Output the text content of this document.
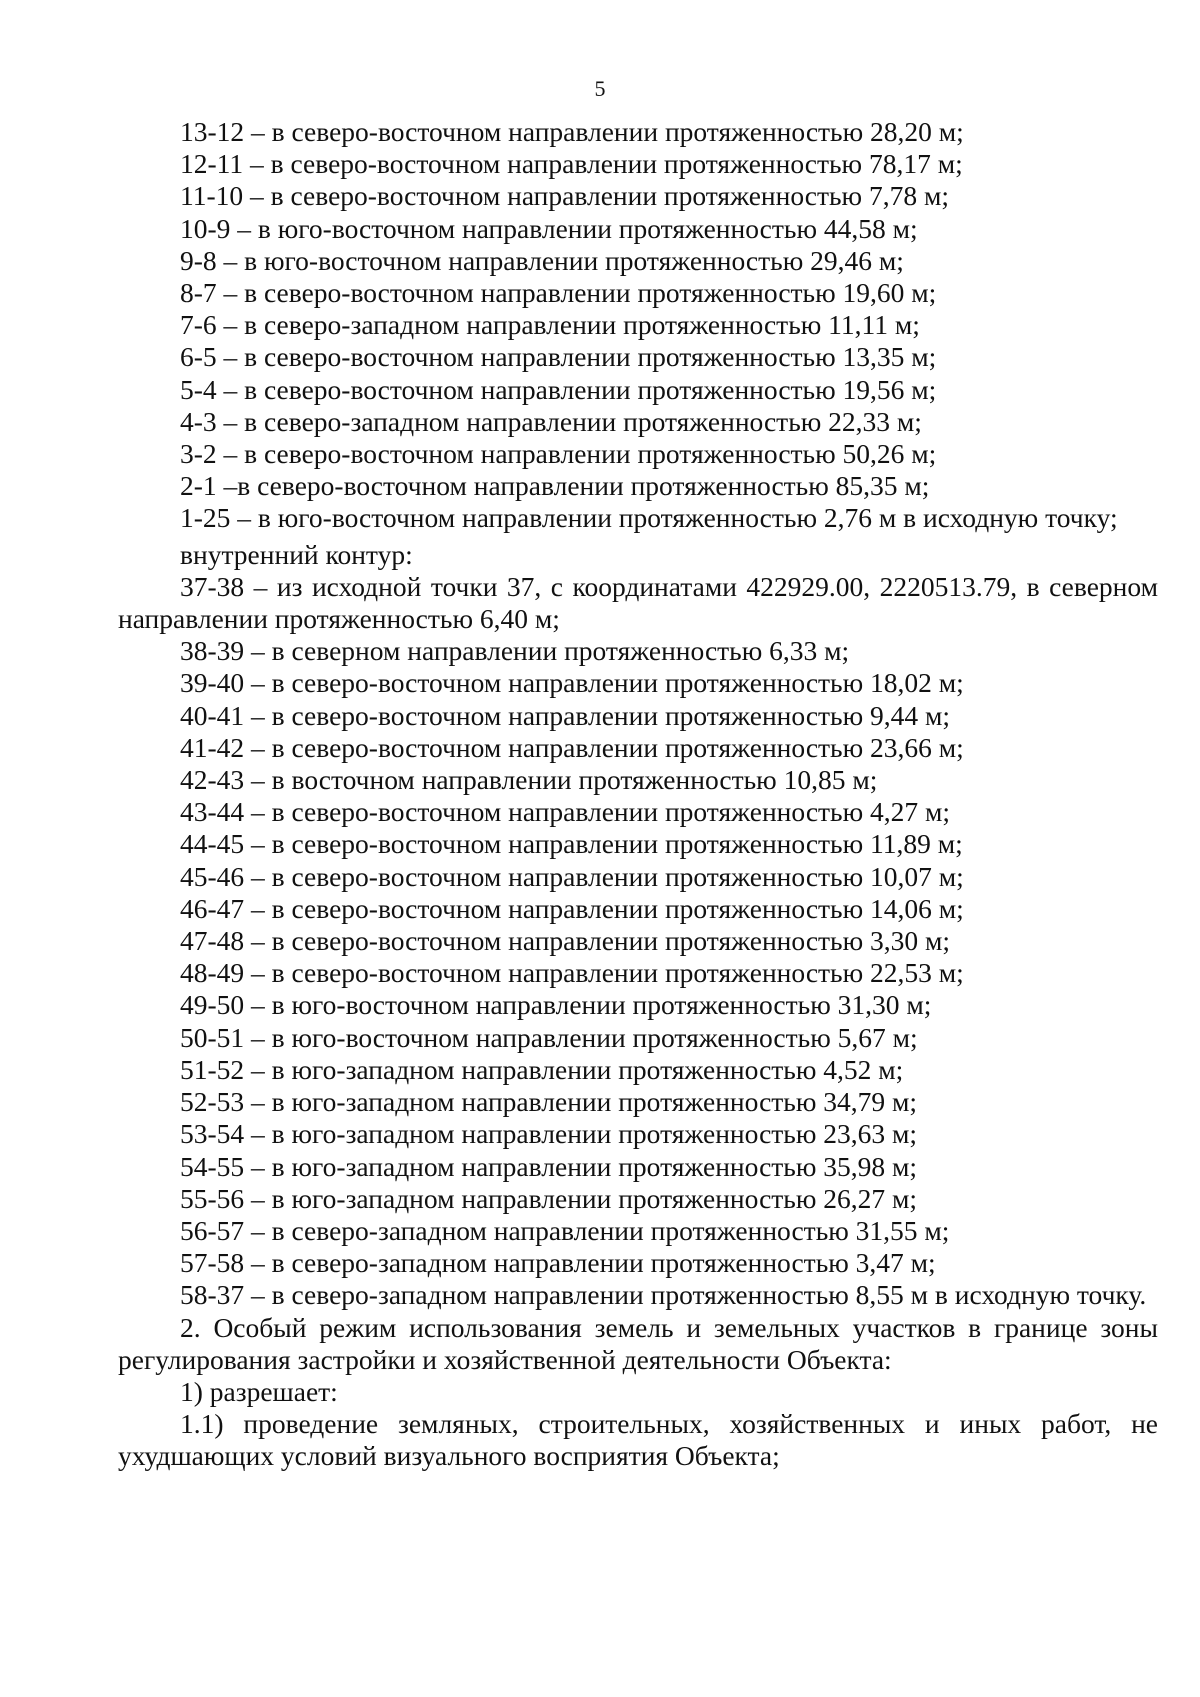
5

13-12 – в северо-восточном направлении протяженностью 28,20 м;

12-11 – в северо-восточном направлении протяженностью 78,17 м;

11-10 – в северо-восточном направлении протяженностью 7,78 м;

10-9 – в юго-восточном направлении протяженностью 44,58 м;

9-8 – в юго-восточном направлении протяженностью 29,46 м;

8-7 – в северо-восточном направлении протяженностью 19,60 м;

7-6 – в северо-западном направлении протяженностью 11,11 м;

6-5 – в северо-восточном направлении протяженностью 13,35 м;

5-4 – в северо-восточном направлении протяженностью 19,56 м;

4-3 – в северо-западном направлении протяженностью 22,33 м;

3-2 – в северо-восточном направлении протяженностью 50,26 м;

2-1 –в северо-восточном направлении протяженностью 85,35 м;

1-25 – в юго-восточном направлении протяженностью 2,76 м в исходную точку;

внутренний контур:

37-38 – из исходной точки 37, с координатами 422929.00, 2220513.79, в северном направлении протяженностью 6,40 м;

38-39 – в северном направлении протяженностью 6,33 м;

39-40 – в северо-восточном направлении протяженностью 18,02 м;

40-41 – в северо-восточном направлении протяженностью 9,44 м;

41-42 – в северо-восточном направлении протяженностью 23,66 м;

42-43 – в восточном направлении протяженностью 10,85 м;

43-44 – в северо-восточном направлении протяженностью 4,27 м;

44-45 – в северо-восточном направлении протяженностью 11,89 м;

45-46 – в северо-восточном направлении протяженностью 10,07 м;

46-47 – в северо-восточном направлении протяженностью 14,06 м;

47-48 – в северо-восточном направлении протяженностью 3,30 м;

48-49 – в северо-восточном направлении протяженностью 22,53 м;

49-50 – в юго-восточном направлении протяженностью 31,30 м;

50-51 – в юго-восточном направлении протяженностью 5,67 м;

51-52 – в юго-западном направлении протяженностью 4,52 м;

52-53 – в юго-западном направлении протяженностью 34,79 м;

53-54 – в юго-западном направлении протяженностью 23,63 м;

54-55 – в юго-западном направлении протяженностью 35,98 м;

55-56 – в юго-западном направлении протяженностью 26,27 м;

56-57 – в северо-западном направлении протяженностью 31,55 м;

57-58 – в северо-западном направлении протяженностью 3,47 м;

58-37 – в северо-западном направлении протяженностью 8,55 м в исходную точку.

2. Особый режим использования земель и земельных участков в границе зоны регулирования застройки и хозяйственной деятельности Объекта:

1) разрешает:

1.1) проведение земляных, строительных, хозяйственных и иных работ, не ухудшающих условий визуального восприятия Объекта;
